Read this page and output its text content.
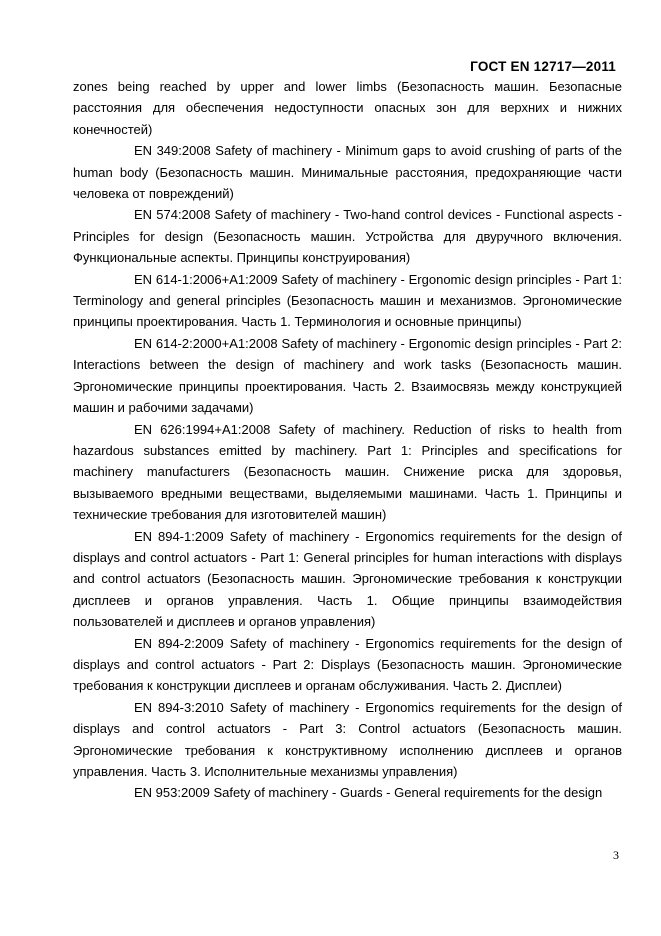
ГОСТ EN 12717—2011

zones being reached by upper and lower limbs (Безопасность машин. Безопасные расстояния для обеспечения недоступности опасных зон для верхних и нижних конечностей)

EN 349:2008 Safety of machinery - Minimum gaps to avoid crushing of parts of the human body (Безопасность машин. Минимальные расстояния, предохраняющие части человека от повреждений)

EN 574:2008 Safety of machinery - Two-hand control devices - Functional aspects - Principles for design (Безопасность машин. Устройства для двуручного включения. Функциональные аспекты. Принципы конструирования)

EN 614-1:2006+A1:2009 Safety of machinery - Ergonomic design principles - Part 1: Terminology and general principles (Безопасность машин и механизмов. Эргономические принципы проектирования. Часть 1. Терминология и основные принципы)

EN 614-2:2000+A1:2008 Safety of machinery - Ergonomic design principles - Part 2: Interactions between the design of machinery and work tasks (Безопасность машин. Эргономические принципы проектирования. Часть 2. Взаимосвязь между конструкцией машин и рабочими задачами)

EN 626:1994+A1:2008 Safety of machinery. Reduction of risks to health from hazardous substances emitted by machinery. Part 1: Principles and specifications for machinery manufacturers (Безопасность машин. Снижение риска для здоровья, вызываемого вредными веществами, выделяемыми машинами. Часть 1. Принципы и технические требования для изготовителей машин)

EN 894-1:2009 Safety of machinery - Ergonomics requirements for the design of displays and control actuators - Part 1: General principles for human interactions with displays and control actuators (Безопасность машин. Эргономические требования к конструкции дисплеев и органов управления. Часть 1. Общие принципы взаимодействия пользователей и дисплеев и органов управления)

EN 894-2:2009 Safety of machinery - Ergonomics requirements for the design of displays and control actuators - Part 2: Displays (Безопасность машин. Эргономические требования к конструкции дисплеев и органам обслуживания. Часть 2. Дисплеи)

EN 894-3:2010 Safety of machinery - Ergonomics requirements for the design of displays and control actuators - Part 3: Control actuators (Безопасность машин. Эргономические требования к конструктивному исполнению дисплеев и органов управления. Часть 3. Исполнительные механизмы управления)

EN 953:2009 Safety of machinery - Guards - General requirements for the design

3
